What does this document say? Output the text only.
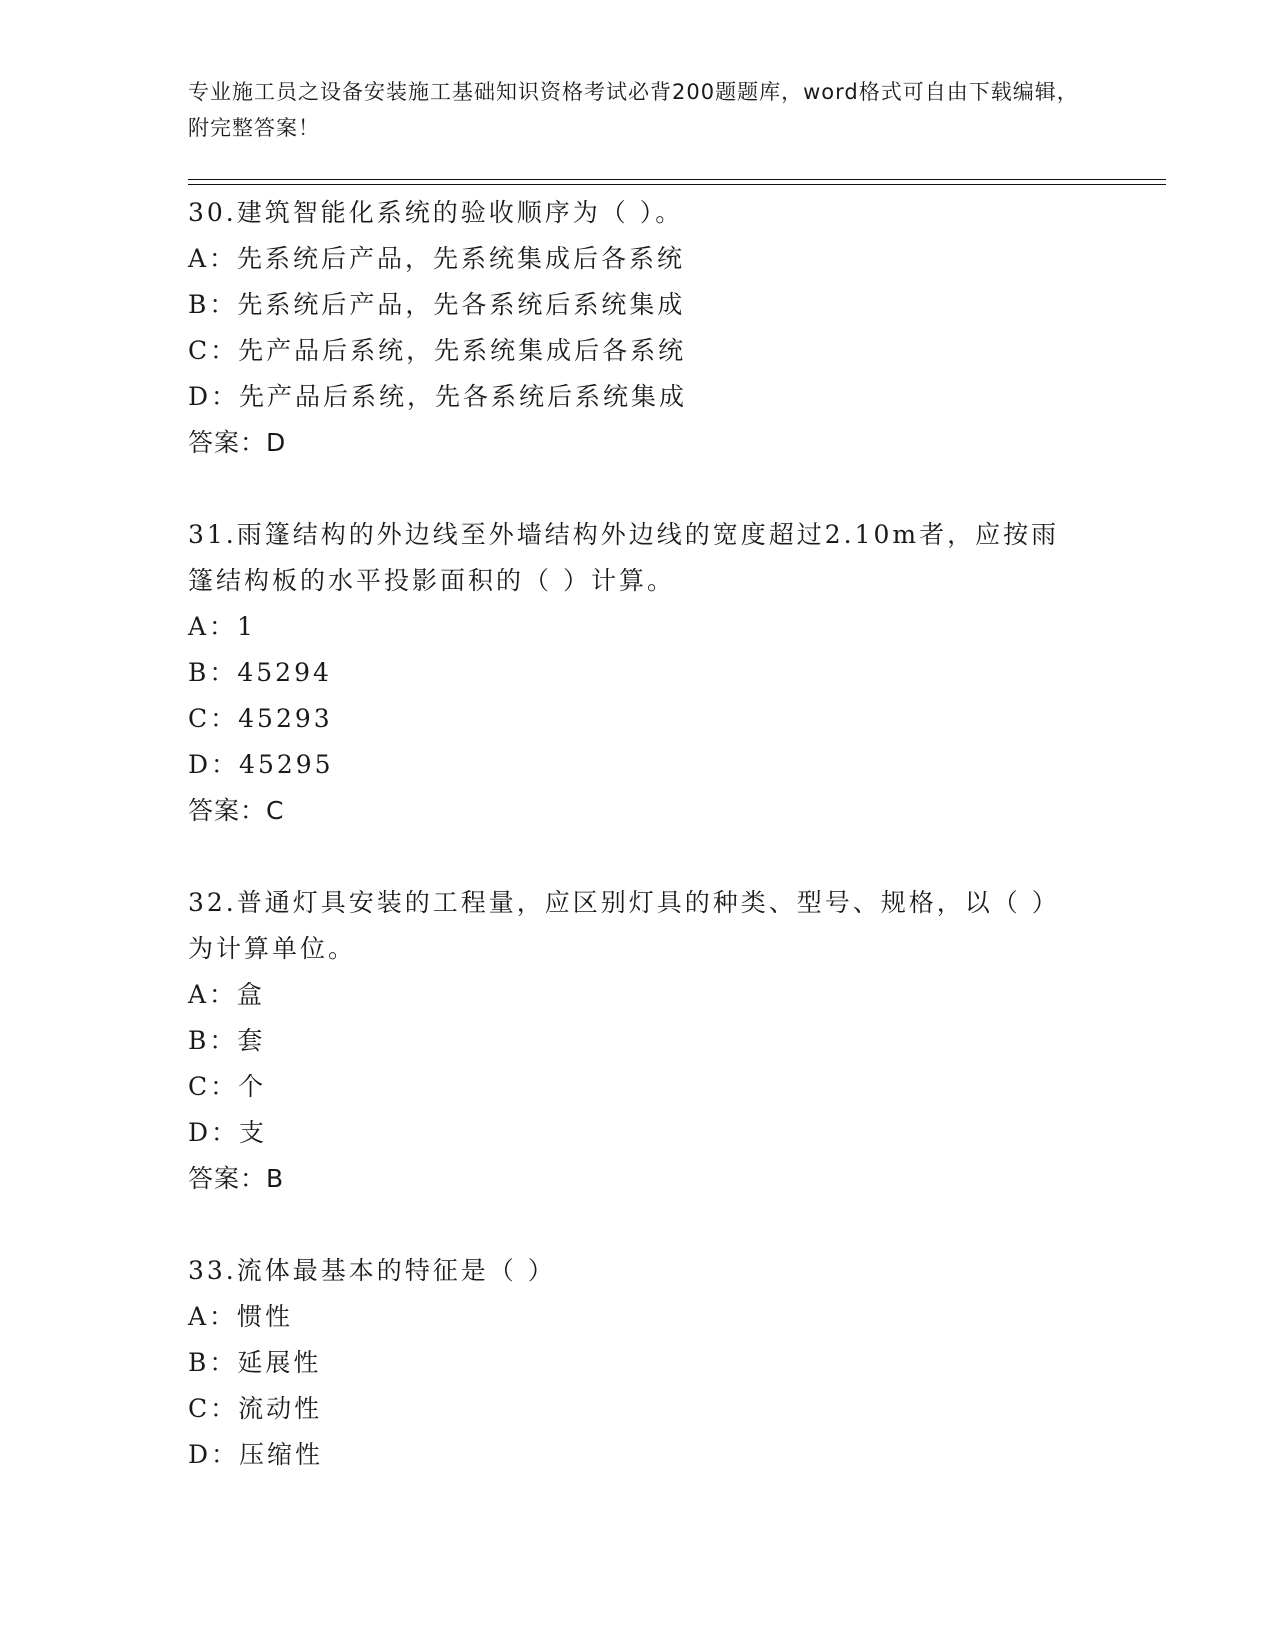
专业施工员之设备安装施工基础知识资格考试必背200题题库，word格式可自由下载编辑，附完整答案！
30.建筑智能化系统的验收顺序为（ ）。
A：先系统后产品，先系统集成后各系统
B：先系统后产品，先各系统后系统集成
C：先产品后系统，先系统集成后各系统
D：先产品后系统，先各系统后系统集成
答案：D
31.雨篷结构的外边线至外墙结构外边线的宽度超过2.10m者，应按雨篷结构板的水平投影面积的（ ）计算。
A：1
B：45294
C：45293
D：45295
答案：C
32.普通灯具安装的工程量，应区别灯具的种类、型号、规格，以（ ）为计算单位。
A：盒
B：套
C：个
D：支
答案：B
33.流体最基本的特征是（ ）
A：惯性
B：延展性
C：流动性
D：压缩性
